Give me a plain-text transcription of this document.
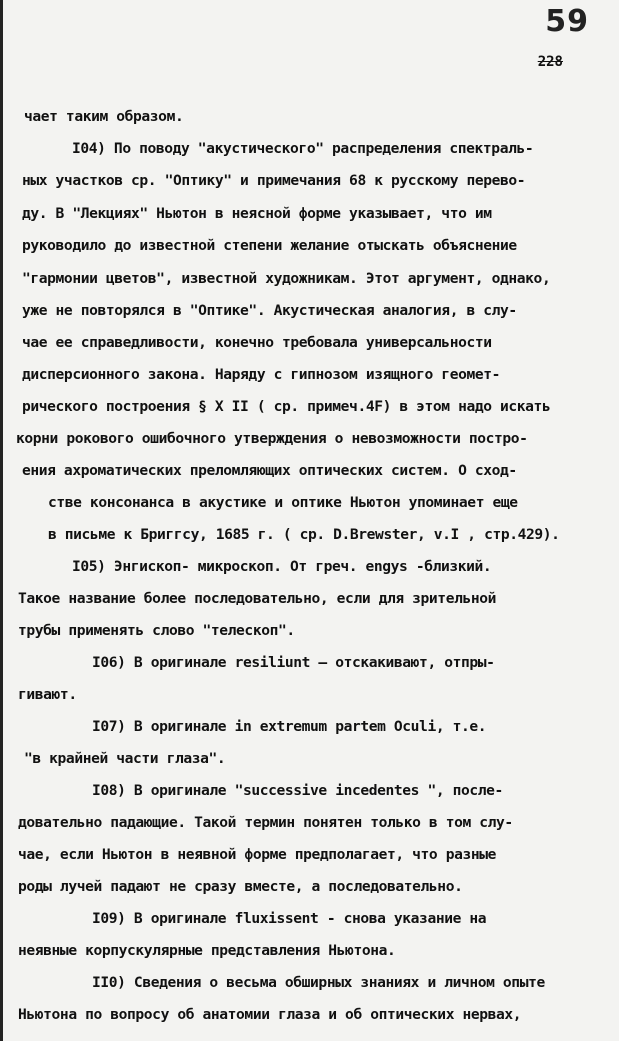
59
228
чает таким образом.
I04) По поводу "акустического" распределения спектраль-
ных участков ср. "Оптику" и примечания 68 к русскому перево-
ду. В "Лекциях" Ньютон в неясной форме указывает, что им
руководило до известной степени желание отыскать объяснение
"гармонии цветов", известной художникам. Этот аргумент, однако,
уже не повторялся в "Оптике". Акустическая аналогия, в слу-
чае ее справедливости, конечно требовала универсальности
дисперсионного закона. Наряду с гипнозом изящного геомет-
рического построения § X II ( ср. примеч.4F) в этом надо искать
корни рокового ошибочного утверждения о невозможности постро-
ения ахроматических преломляющих оптических систем. О сход-
стве консонанса в акустике и оптике Ньютон упоминает еще
в письме к Бриггсу, 1685 г. ( ср. D.Brewster, v.I , стр.429).
I05) Энгископ- микроскоп. От греч. engys -близкий.
Такое название более последовательно, если для зрительной
трубы применять слово "телескоп".
I06) В оригинале resiliunt — отскакивают, отпры-
гивают.
I07) В оригинале in extremum partem Oculi, т.е.
"в крайней части глаза".
I08) В оригинале "successive incedentes ", после-
довательно падающие. Такой термин понятен только в том слу-
чае, если Ньютон в неявной форме предполагает, что разные
роды лучей падают не сразу вместе, а последовательно.
I09) В оригинале fluxissent - снова указание на
неявные корпускулярные представления Ньютона.
II0) Сведения о весьма обширных знаниях и личном опыте
Ньютона по вопросу об анатомии глаза и об оптических нервах,
